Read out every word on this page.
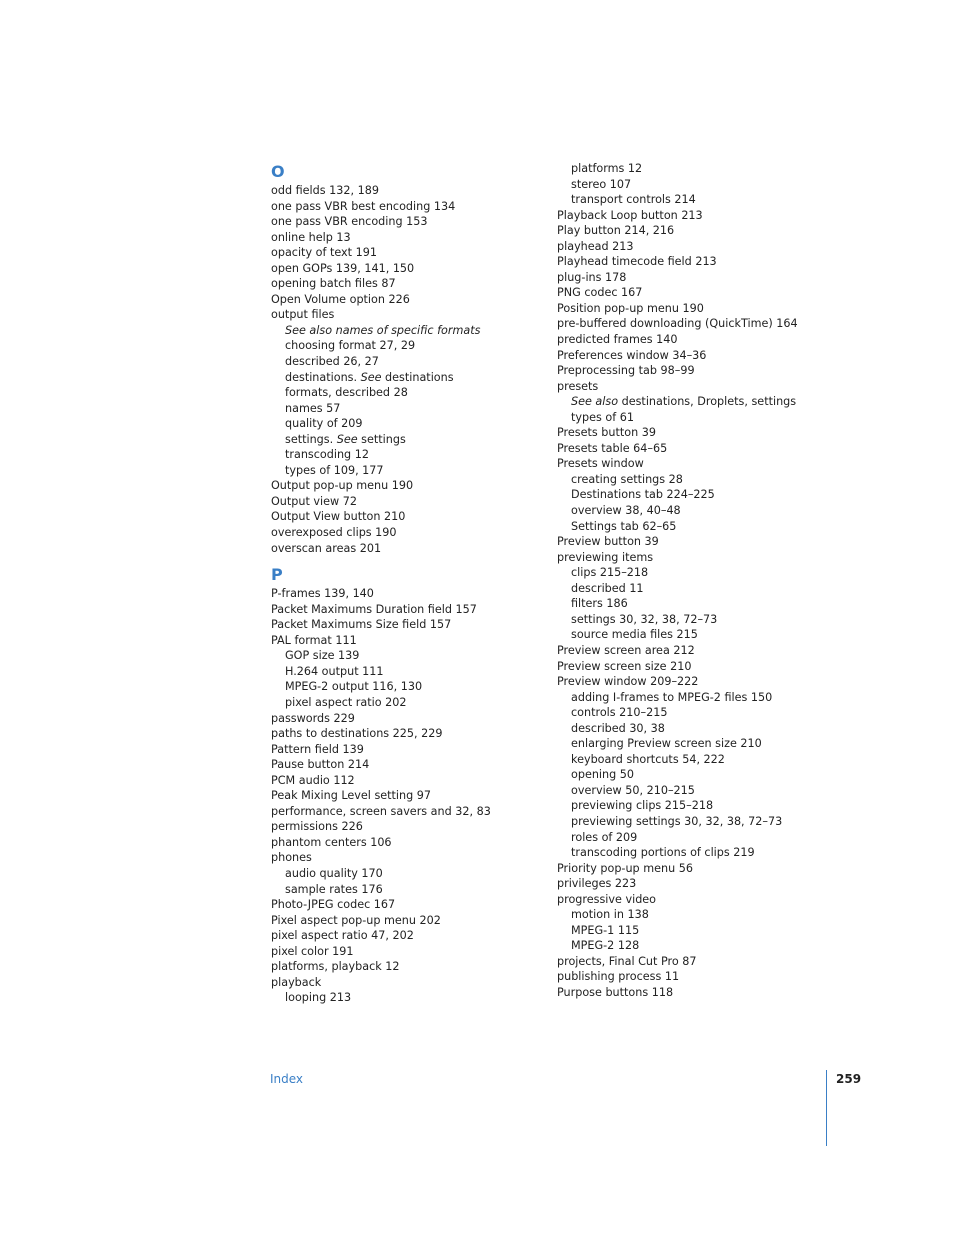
O
odd fields 132, 189
one pass VBR best encoding 134
one pass VBR encoding 153
online help 13
opacity of text 191
open GOPs 139, 141, 150
opening batch files 87
Open Volume option 226
output files
See also names of specific formats
choosing format 27, 29
described 26, 27
destinations. See destinations
formats, described 28
names 57
quality of 209
settings. See settings
transcoding 12
types of 109, 177
Output pop-up menu 190
Output view 72
Output View button 210
overexposed clips 190
overscan areas 201
P
P-frames 139, 140
Packet Maximums Duration field 157
Packet Maximums Size field 157
PAL format 111
GOP size 139
H.264 output 111
MPEG-2 output 116, 130
pixel aspect ratio 202
passwords 229
paths to destinations 225, 229
Pattern field 139
Pause button 214
PCM audio 112
Peak Mixing Level setting 97
performance, screen savers and 32, 83
permissions 226
phantom centers 106
phones
audio quality 170
sample rates 176
Photo-JPEG codec 167
Pixel aspect pop-up menu 202
pixel aspect ratio 47, 202
pixel color 191
platforms, playback 12
playback
looping 213
platforms 12
stereo 107
transport controls 214
Playback Loop button 213
Play button 214, 216
playhead 213
Playhead timecode field 213
plug-ins 178
PNG codec 167
Position pop-up menu 190
pre-buffered downloading (QuickTime) 164
predicted frames 140
Preferences window 34–36
Preprocessing tab 98–99
presets
See also destinations, Droplets, settings
types of 61
Presets button 39
Presets table 64–65
Presets window
creating settings 28
Destinations tab 224–225
overview 38, 40–48
Settings tab 62–65
Preview button 39
previewing items
clips 215–218
described 11
filters 186
settings 30, 32, 38, 72–73
source media files 215
Preview screen area 212
Preview screen size 210
Preview window 209–222
adding I-frames to MPEG-2 files 150
controls 210–215
described 30, 38
enlarging Preview screen size 210
keyboard shortcuts 54, 222
opening 50
overview 50, 210–215
previewing clips 215–218
previewing settings 30, 32, 38, 72–73
roles of 209
transcoding portions of clips 219
Priority pop-up menu 56
privileges 223
progressive video
motion in 138
MPEG-1 115
MPEG-2 128
projects, Final Cut Pro 87
publishing process 11
Purpose buttons 118
Index	259
